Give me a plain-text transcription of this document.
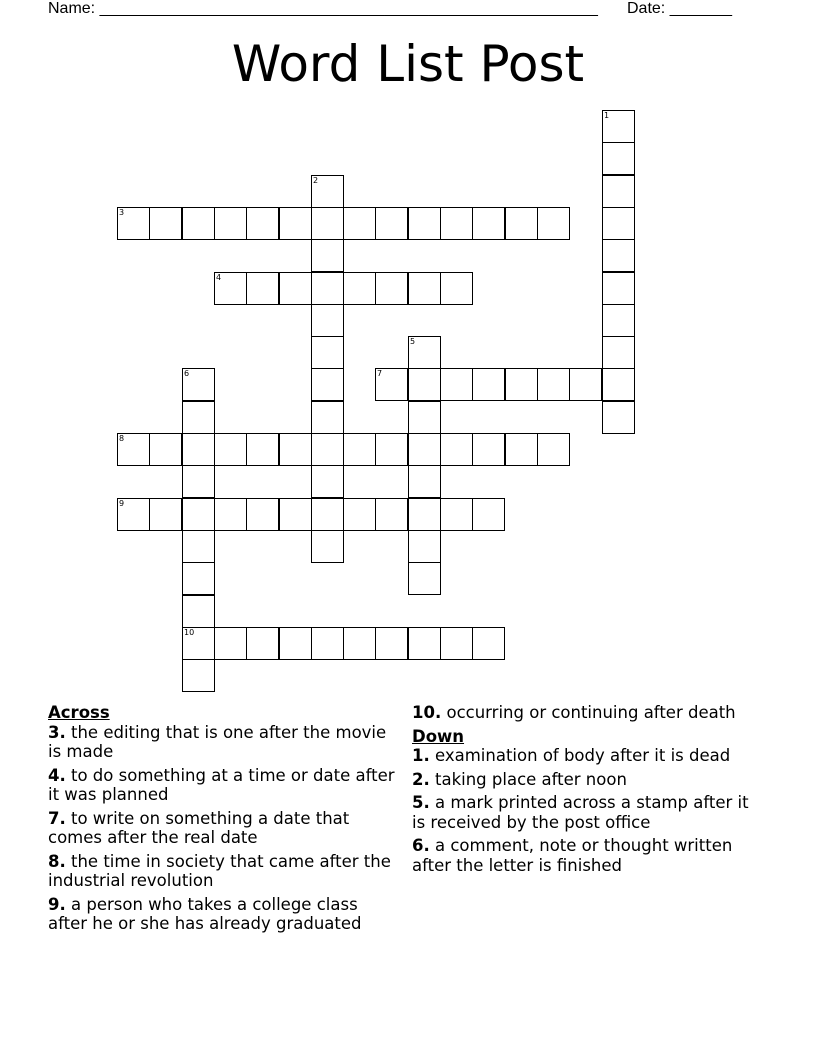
Name: ________________________________________________________ Date: _______
Word List Post
1
2
3
4
5
6
10
7
8
9
Across
3. the editing that is one after the movie is made
4. to do something at a time or date after it was planned
7. to write on something a date that comes after the real date
8. the time in society that came after the industrial revolution
9. a person who takes a college class after he or she has already graduated
10. occurring or continuing after death
Down
1. examination of body after it is dead
2. taking place after noon
5. a mark printed across a stamp after it is received by the post office
6. a comment, note or thought written after the letter is finished
